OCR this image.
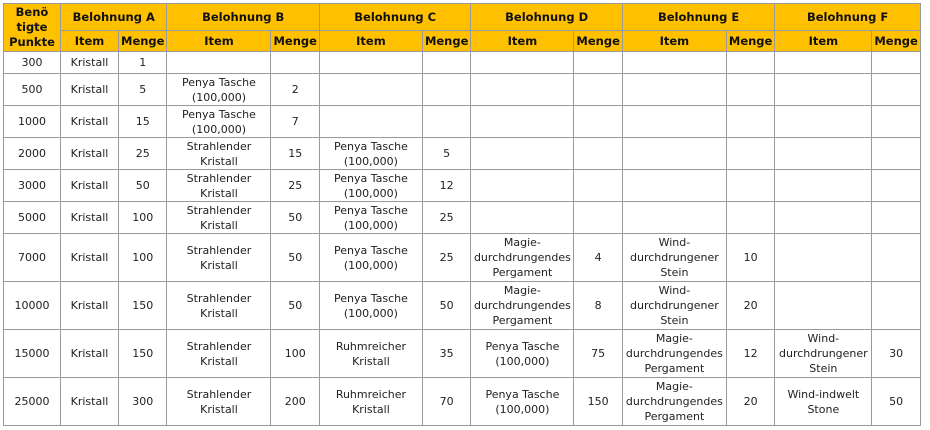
Benö tigte Punkte	Belohnung A		Belohnung B		Belohnung C		Belohnung D		Belohnung E		Belohnung F	
	Item	Menge	Item	Menge	Item	Menge	Item	Menge	Item	Menge	Item	Menge
300	Kristall	1										
500	Kristall	5	Penya Tasche (100,000)	2								
1000	Kristall	15	Penya Tasche (100,000)	7								
2000	Kristall	25	Strahlender Kristall	15	Penya Tasche (100,000)	5						
3000	Kristall	50	Strahlender Kristall	25	Penya Tasche (100,000)	12						
5000	Kristall	100	Strahlender Kristall	50	Penya Tasche (100,000)	25						
7000	Kristall	100	Strahlender Kristall	50	Penya Tasche (100,000)	25	Magie-durchdrungendes Pergament	4	Wind-durchdrungener Stein	10		
10000	Kristall	150	Strahlender Kristall	50	Penya Tasche (100,000)	50	Magie-durchdrungendes Pergament	8	Wind-durchdrungener Stein	20		
15000	Kristall	150	Strahlender Kristall	100	Ruhmreicher Kristall	35	Penya Tasche (100,000)	75	Magie-durchdrungendes Pergament	12	Wind-durchdrungener Stein	30
25000	Kristall	300	Strahlender Kristall	200	Ruhmreicher Kristall	70	Penya Tasche (100,000)	150	Magie-durchdrungendes Pergament	20	Wind-indwelt Stone	50
